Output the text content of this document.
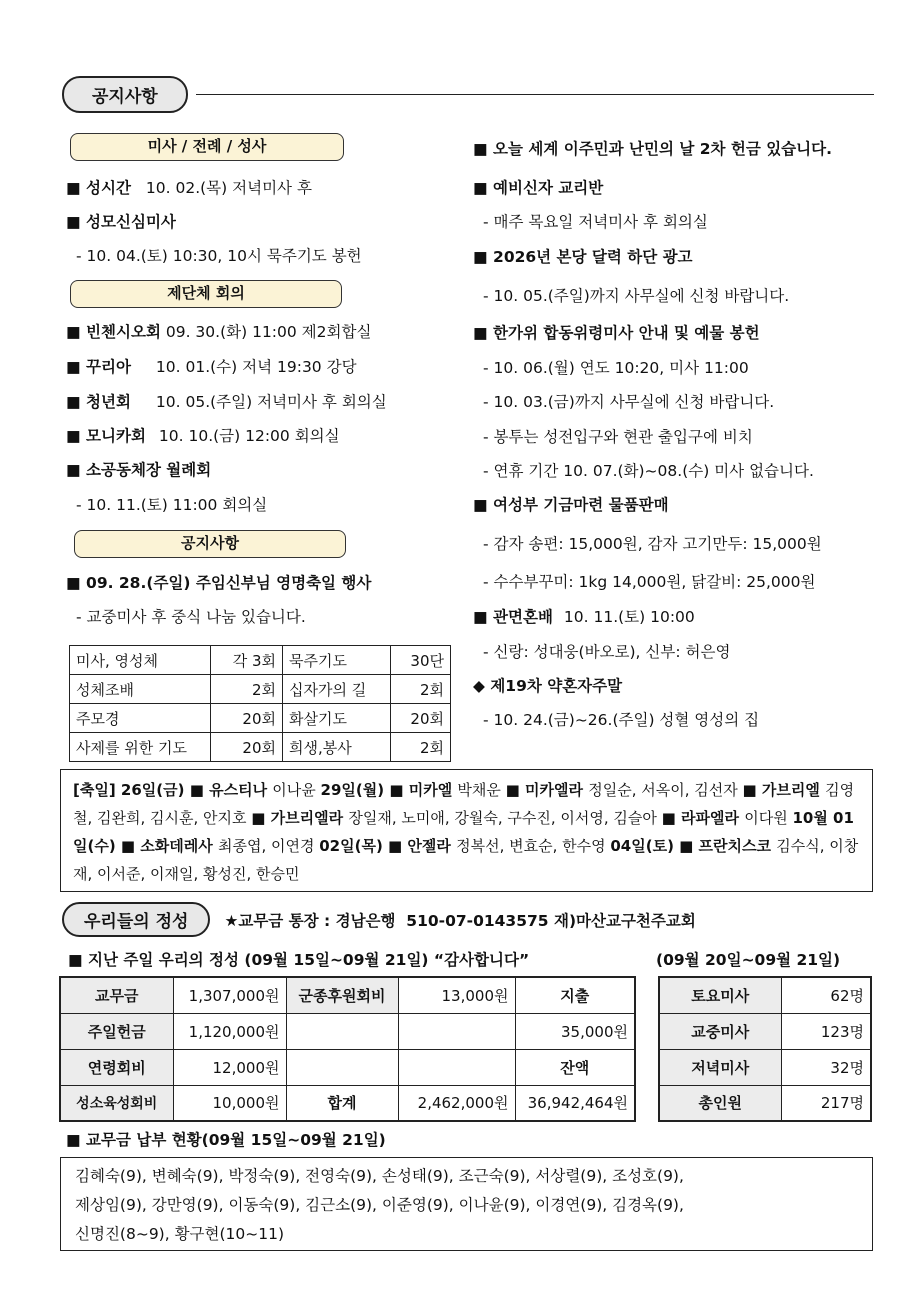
공지사항
미사 / 전례 / 성사
■ 성시간 10. 02.(목) 저녁미사 후
■ 성모신심미사
- 10. 04.(토) 10:30, 10시 묵주기도 봉헌
제단체 회의
■ 빈첸시오회 09. 30.(화) 11:00 제2회합실
■ 꾸리아 10. 01.(수) 저녁 19:30 강당
■ 청년회 10. 05.(주일) 저녁미사 후 회의실
■ 모니카회 10. 10.(금) 12:00 회의실
■ 소공동체장 월례회
- 10. 11.(토) 11:00 회의실
공지사항
■ 09. 28.(주일) 주임신부님 영명축일 행사
- 교중미사 후 중식 나눔 있습니다.
미사, 영성체	각 3회	묵주기도	30단
성체조배	2회	십자가의 길	2회
주모경	20회	화살기도	20회
사제를 위한 기도	20회	희생,봉사	2회
■ 오늘 세계 이주민과 난민의 날 2차 헌금 있습니다.
■ 예비신자 교리반
- 매주 목요일 저녁미사 후 회의실
■ 2026년 본당 달력 하단 광고
- 10. 05.(주일)까지 사무실에 신청 바랍니다.
■ 한가위 합동위령미사 안내 및 예물 봉헌
- 10. 06.(월) 연도 10:20, 미사 11:00
- 10. 03.(금)까지 사무실에 신청 바랍니다.
- 봉투는 성전입구와 현관 출입구에 비치
- 연휴 기간 10. 07.(화)~08.(수) 미사 없습니다.
■ 여성부 기금마련 물품판매
- 감자 송편: 15,000원, 감자 고기만두: 15,000원
- 수수부꾸미: 1kg 14,000원, 닭갈비: 25,000원
■ 관면혼배 10. 11.(토) 10:00
- 신랑: 성대웅(바오로), 신부: 허은영
◆ 제19차 약혼자주말
- 10. 24.(금)~26.(주일) 성혈 영성의 집
[축일] 26일(금) ■ 유스티나 이나윤 29일(월) ■ 미카엘 박채운 ■ 미카엘라 정일순, 서옥이, 김선자 ■ 가브리엘 김영철, 김완희, 김시훈, 안지호 ■ 가브리엘라 장일재, 노미애, 강월숙, 구수진, 이서영, 김슬아 ■ 라파엘라 이다원 10월 01일(수) ■ 소화데레사 최종엽, 이연경 02일(목) ■ 안젤라 정복선, 변효순, 한수영 04일(토) ■ 프란치스코 김수식, 이창재, 이서준, 이재일, 황성진, 한승민
우리들의 정성	★교무금 통장 : 경남은행  510-07-0143575 재)마산교구천주교회
■ 지난 주일 우리의 정성 (09월 15일~09월 21일) “감사합니다”	(09월 20일~09월 21일)
교무금	1,307,000원	군종후원회비	13,000원	지출
주일헌금	1,120,000원			35,000원
연령회비	12,000원			잔액
성소육성회비	10,000원	합계	2,462,000원	36,942,464원
토요미사	62명
교중미사	123명
저녁미사	32명
총인원	217명
■ 교무금 납부 현황(09월 15일~09월 21일)
김혜숙(9), 변혜숙(9), 박정숙(9), 전영숙(9), 손성태(9), 조근숙(9), 서상렬(9), 조성호(9),
제상임(9), 강만영(9), 이동숙(9), 김근소(9), 이준영(9), 이나윤(9), 이경연(9), 김경옥(9),
신명진(8~9), 황구현(10~11)
